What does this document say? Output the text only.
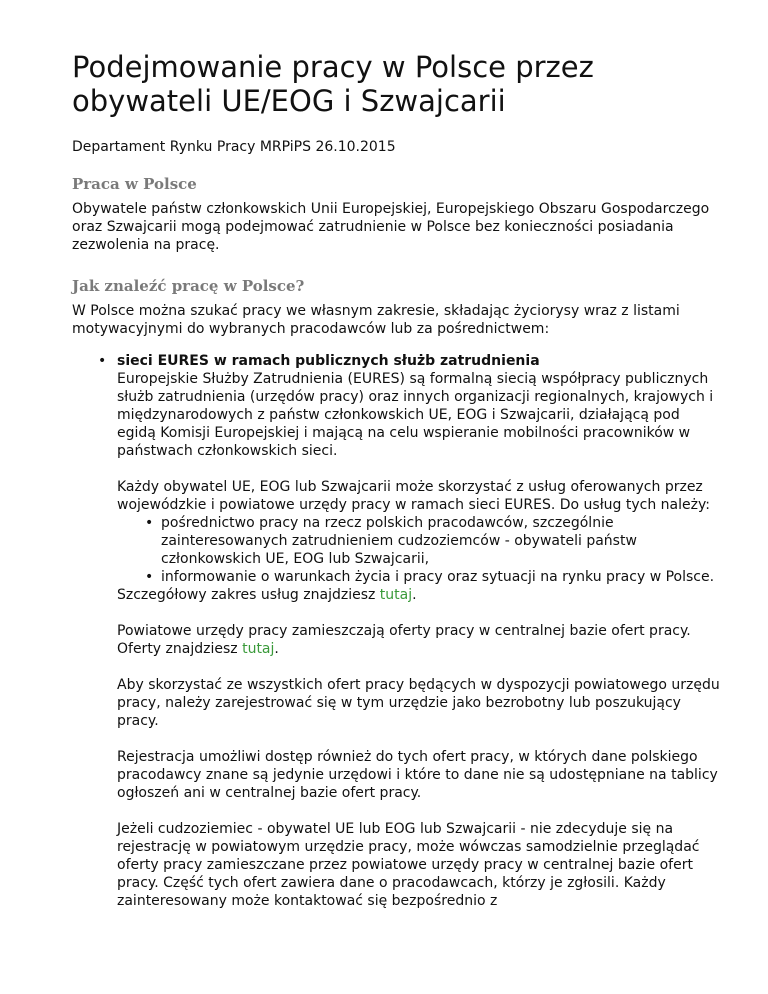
Podejmowanie pracy w Polsce przez obywateli UE/EOG i Szwajcarii
Departament Rynku Pracy MRPiPS 26.10.2015
Praca w Polsce

Obywatele państw członkowskich Unii Europejskiej, Europejskiego Obszaru Gospodarczego oraz Szwajcarii mogą podejmować zatrudnienie w Polsce bez konieczności posiadania zezwolenia na pracę.

Jak znaleźć pracę w Polsce?

W Polsce można szukać pracy we własnym zakresie, składając życiorysy wraz z listami motywacyjnymi do wybranych pracodawców lub za pośrednictwem:

• sieci EURES w ramach publicznych służb zatrudnienia

Europejskie Służby Zatrudnienia (EURES) są formalną siecią współpracy publicznych służb zatrudnienia (urzędów pracy) oraz innych organizacji regionalnych, krajowych i międzynarodowych z państw członkowskich UE, EOG i Szwajcarii, działającą pod egidą Komisji Europejskiej i mającą na celu wspieranie mobilności pracowników w państwach członkowskich sieci.

Każdy obywatel UE, EOG lub Szwajcarii może skorzystać z usług oferowanych przez wojewódzkie i powiatowe urzędy pracy w ramach sieci EURES. Do usług tych należy:

• pośrednictwo pracy na rzecz polskich pracodawców, szczególnie zainteresowanych zatrudnieniem cudzoziemców - obywateli państw członkowskich UE, EOG lub Szwajcarii,
• informowanie o warunkach życia i pracy oraz sytuacji na rynku pracy w Polsce.

Szczegółowy zakres usług znajdziesz tutaj.

Powiatowe urzędy pracy zamieszczają oferty pracy w centralnej bazie ofert pracy. Oferty znajdziesz tutaj.

Aby skorzystać ze wszystkich ofert pracy będących w dyspozycji powiatowego urzędu pracy, należy zarejestrować się w tym urzędzie jako bezrobotny lub poszukujący pracy.

Rejestracja umożliwi dostęp również do tych ofert pracy, w których dane polskiego pracodawcy znane są jedynie urzędowi i które to dane nie są udostępniane na tablicy ogłoszeń ani w centralnej bazie ofert pracy.

Jeżeli cudzoziemiec - obywatel UE lub EOG lub Szwajcarii - nie zdecyduje się na rejestrację w powiatowym urzędzie pracy, może wówczas samodzielnie przeglądać oferty pracy zamieszczane przez powiatowe urzędy pracy w centralnej bazie ofert pracy. Część tych ofert zawiera dane o pracodawcach, którzy je zgłosili. Każdy zainteresowany może kontaktować się bezpośrednio z
